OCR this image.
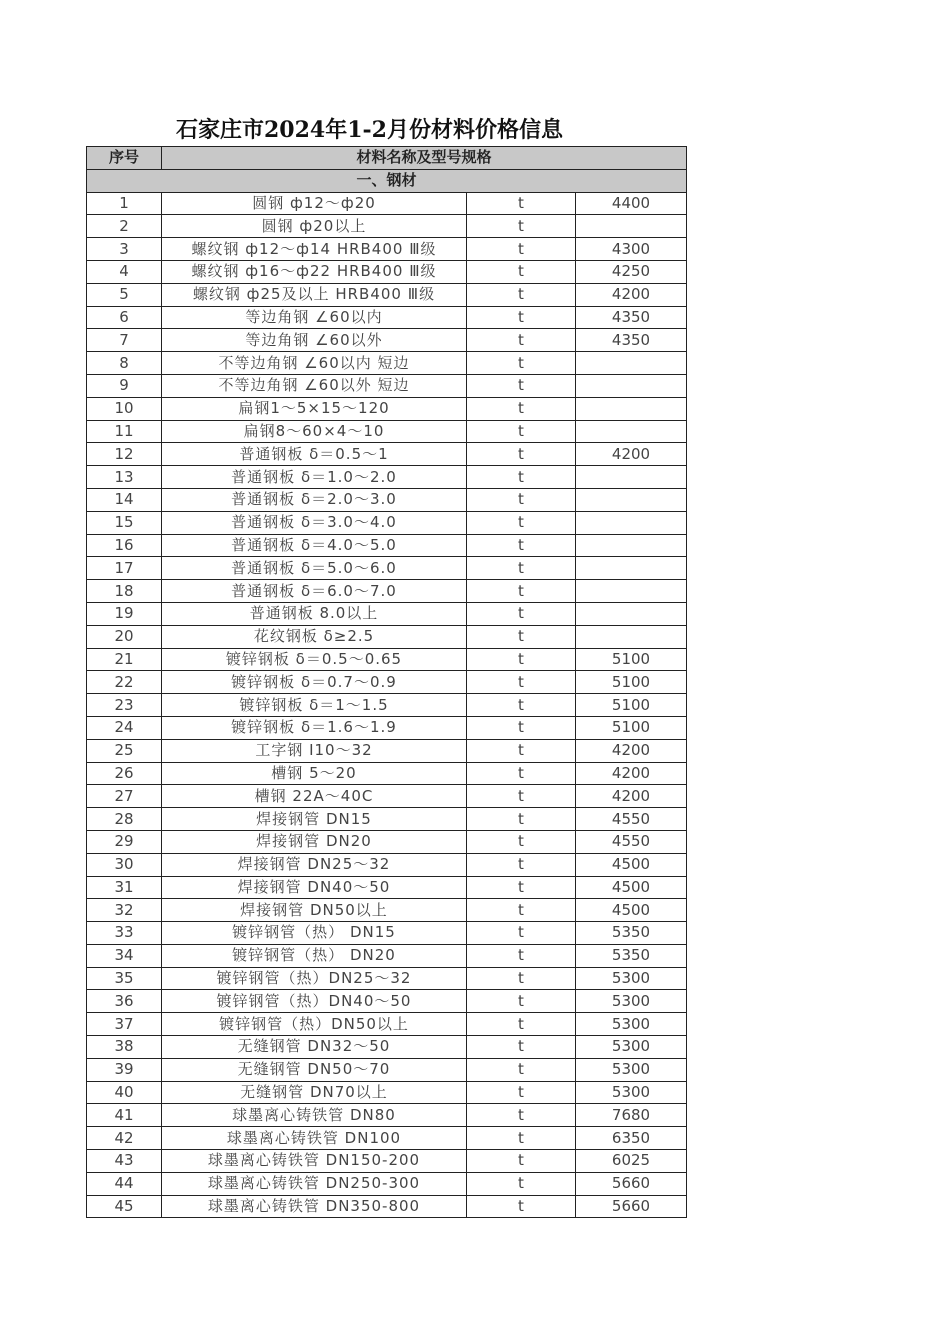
石家庄市2024年1-2月份材料价格信息
序号	材料名称及型号规格		
一、钢材			
1	圆钢 ф12～ф20	t	4400
2	圆钢 ф20以上	t	
3	螺纹钢 ф12～ф14 HRB400 Ⅲ级	t	4300
4	螺纹钢 ф16～ф22 HRB400 Ⅲ级	t	4250
5	螺纹钢 ф25及以上 HRB400 Ⅲ级	t	4200
6	等边角钢 ∠60以内	t	4350
7	等边角钢 ∠60以外	t	4350
8	不等边角钢 ∠60以内 短边	t	
9	不等边角钢 ∠60以外 短边	t	
10	扁钢1～5×15～120	t	
11	扁钢8～60×4～10	t	
12	普通钢板 δ＝0.5～1	t	4200
13	普通钢板 δ＝1.0～2.0	t	
14	普通钢板 δ＝2.0～3.0	t	
15	普通钢板 δ＝3.0～4.0	t	
16	普通钢板 δ＝4.0～5.0	t	
17	普通钢板 δ＝5.0～6.0	t	
18	普通钢板 δ＝6.0～7.0	t	
19	普通钢板 8.0以上	t	
20	花纹钢板 δ≥2.5	t	
21	镀锌钢板 δ＝0.5～0.65	t	5100
22	镀锌钢板 δ＝0.7～0.9	t	5100
23	镀锌钢板 δ＝1～1.5	t	5100
24	镀锌钢板 δ＝1.6～1.9	t	5100
25	工字钢 Ⅰ10～32	t	4200
26	槽钢 5～20	t	4200
27	槽钢 22A～40C	t	4200
28	焊接钢管 DN15	t	4550
29	焊接钢管 DN20	t	4550
30	焊接钢管 DN25～32	t	4500
31	焊接钢管 DN40～50	t	4500
32	焊接钢管 DN50以上	t	4500
33	镀锌钢管（热） DN15	t	5350
34	镀锌钢管（热） DN20	t	5350
35	镀锌钢管（热）DN25～32	t	5300
36	镀锌钢管（热）DN40～50	t	5300
37	镀锌钢管（热）DN50以上	t	5300
38	无缝钢管 DN32～50	t	5300
39	无缝钢管 DN50～70	t	5300
40	无缝钢管 DN70以上	t	5300
41	球墨离心铸铁管 DN80	t	7680
42	球墨离心铸铁管 DN100	t	6350
43	球墨离心铸铁管 DN150-200	t	6025
44	球墨离心铸铁管 DN250-300	t	5660
45	球墨离心铸铁管 DN350-800	t	5660
